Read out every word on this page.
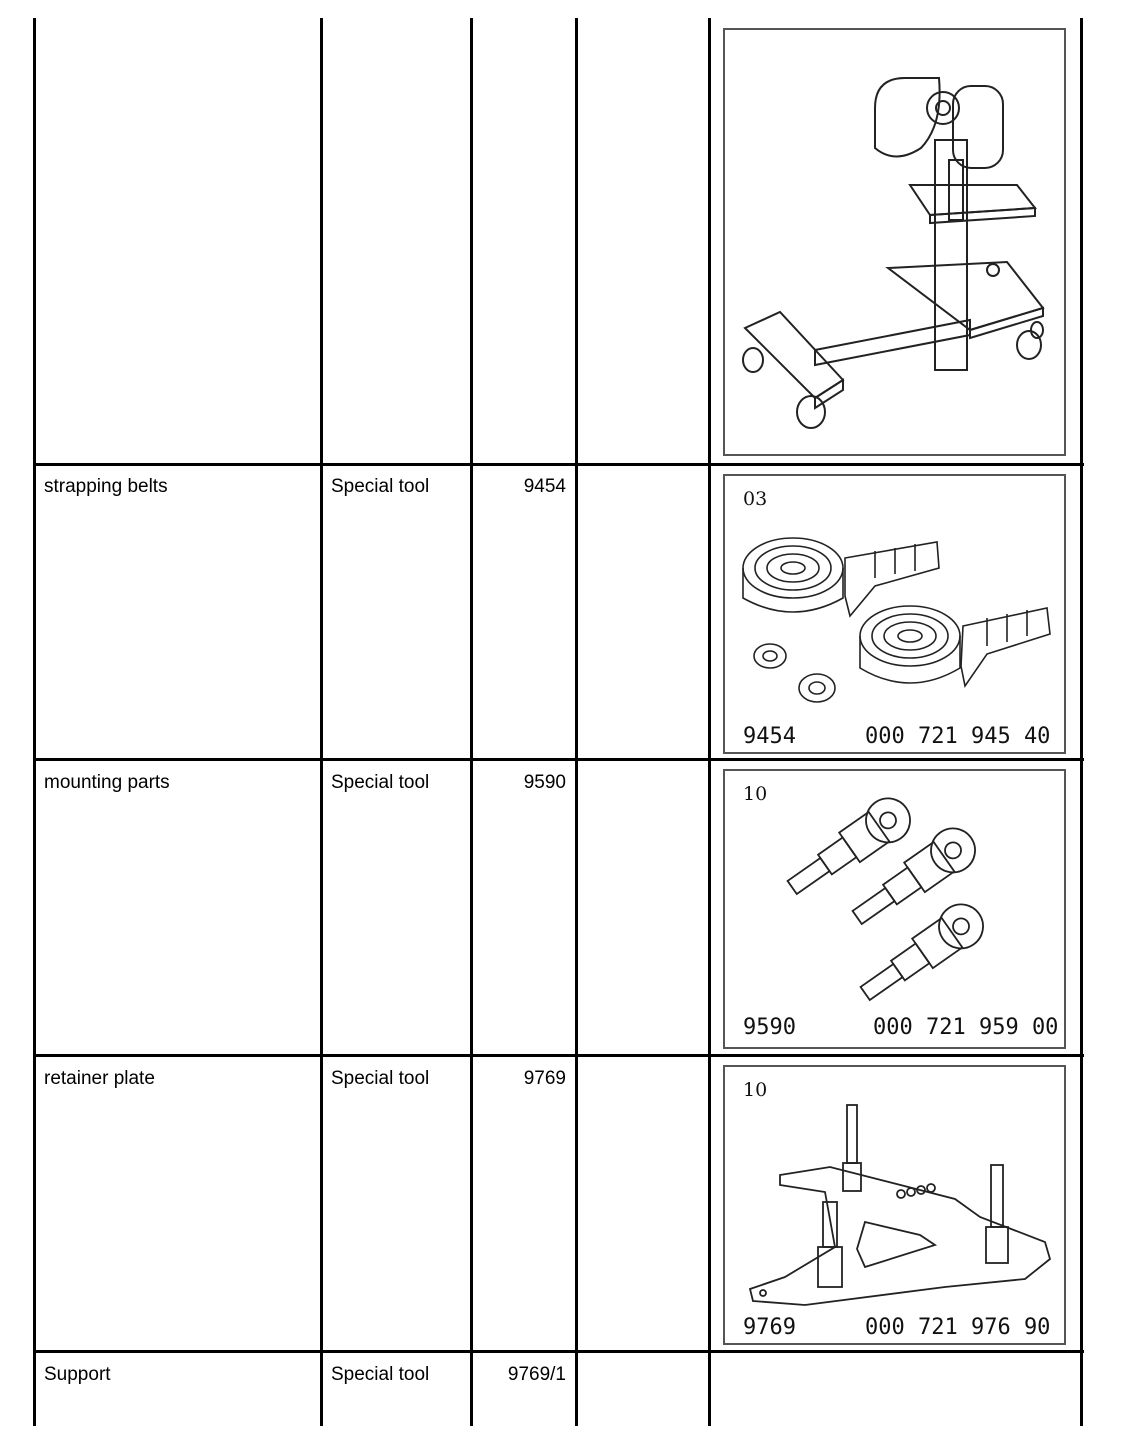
strapping belts	Special tool	9454
03
9454	000 721 945 40
mounting parts	Special tool	9590
10
9590	000 721 959 00
retainer plate	Special tool	9769
10
9769	000 721 976 90
Support	Special tool	9769/1
